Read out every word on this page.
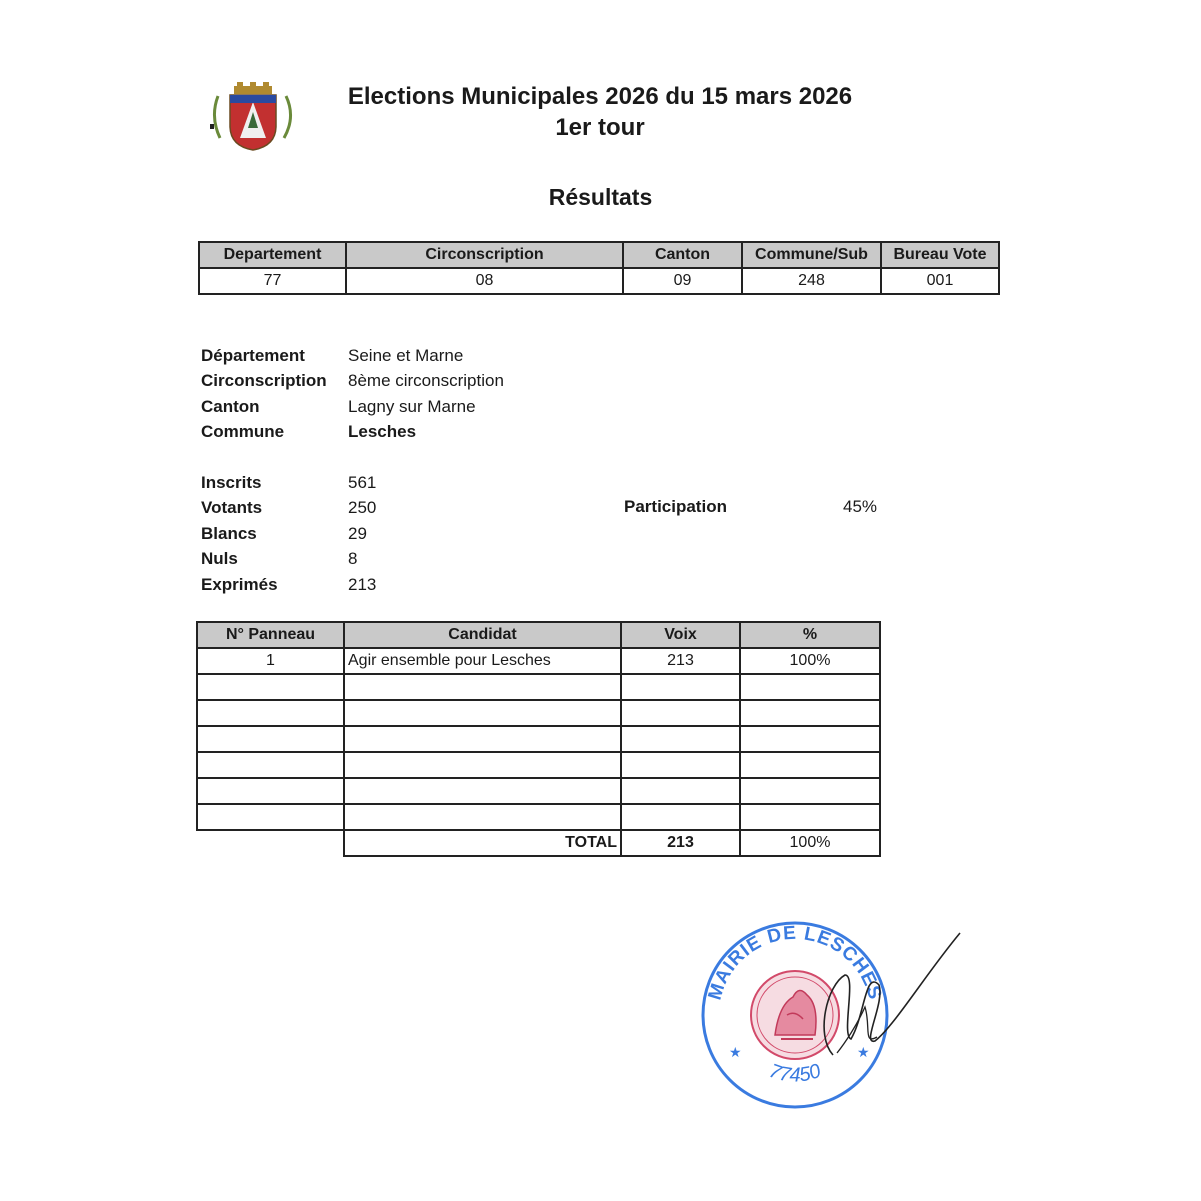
Elections Municipales 2026 du 15 mars 2026
1er tour
Résultats
Departement	Circonscription	Canton	Commune/Sub	Bureau Vote
77	08	09	248	001
Département	Seine et Marne
Circonscription 8ème circonscription
Canton	Lagny sur Marne
Commune	Lesches
Inscrits	561
Votants	250
Blancs	29
Nuls	8
Exprimés	213
Participation	45%
N° Panneau	Candidat	Voix	%
1	Agir ensemble pour Lesches	213	100%

	TOTAL	213	100%
MAIRIE DE LESCHES
77450
★	★
